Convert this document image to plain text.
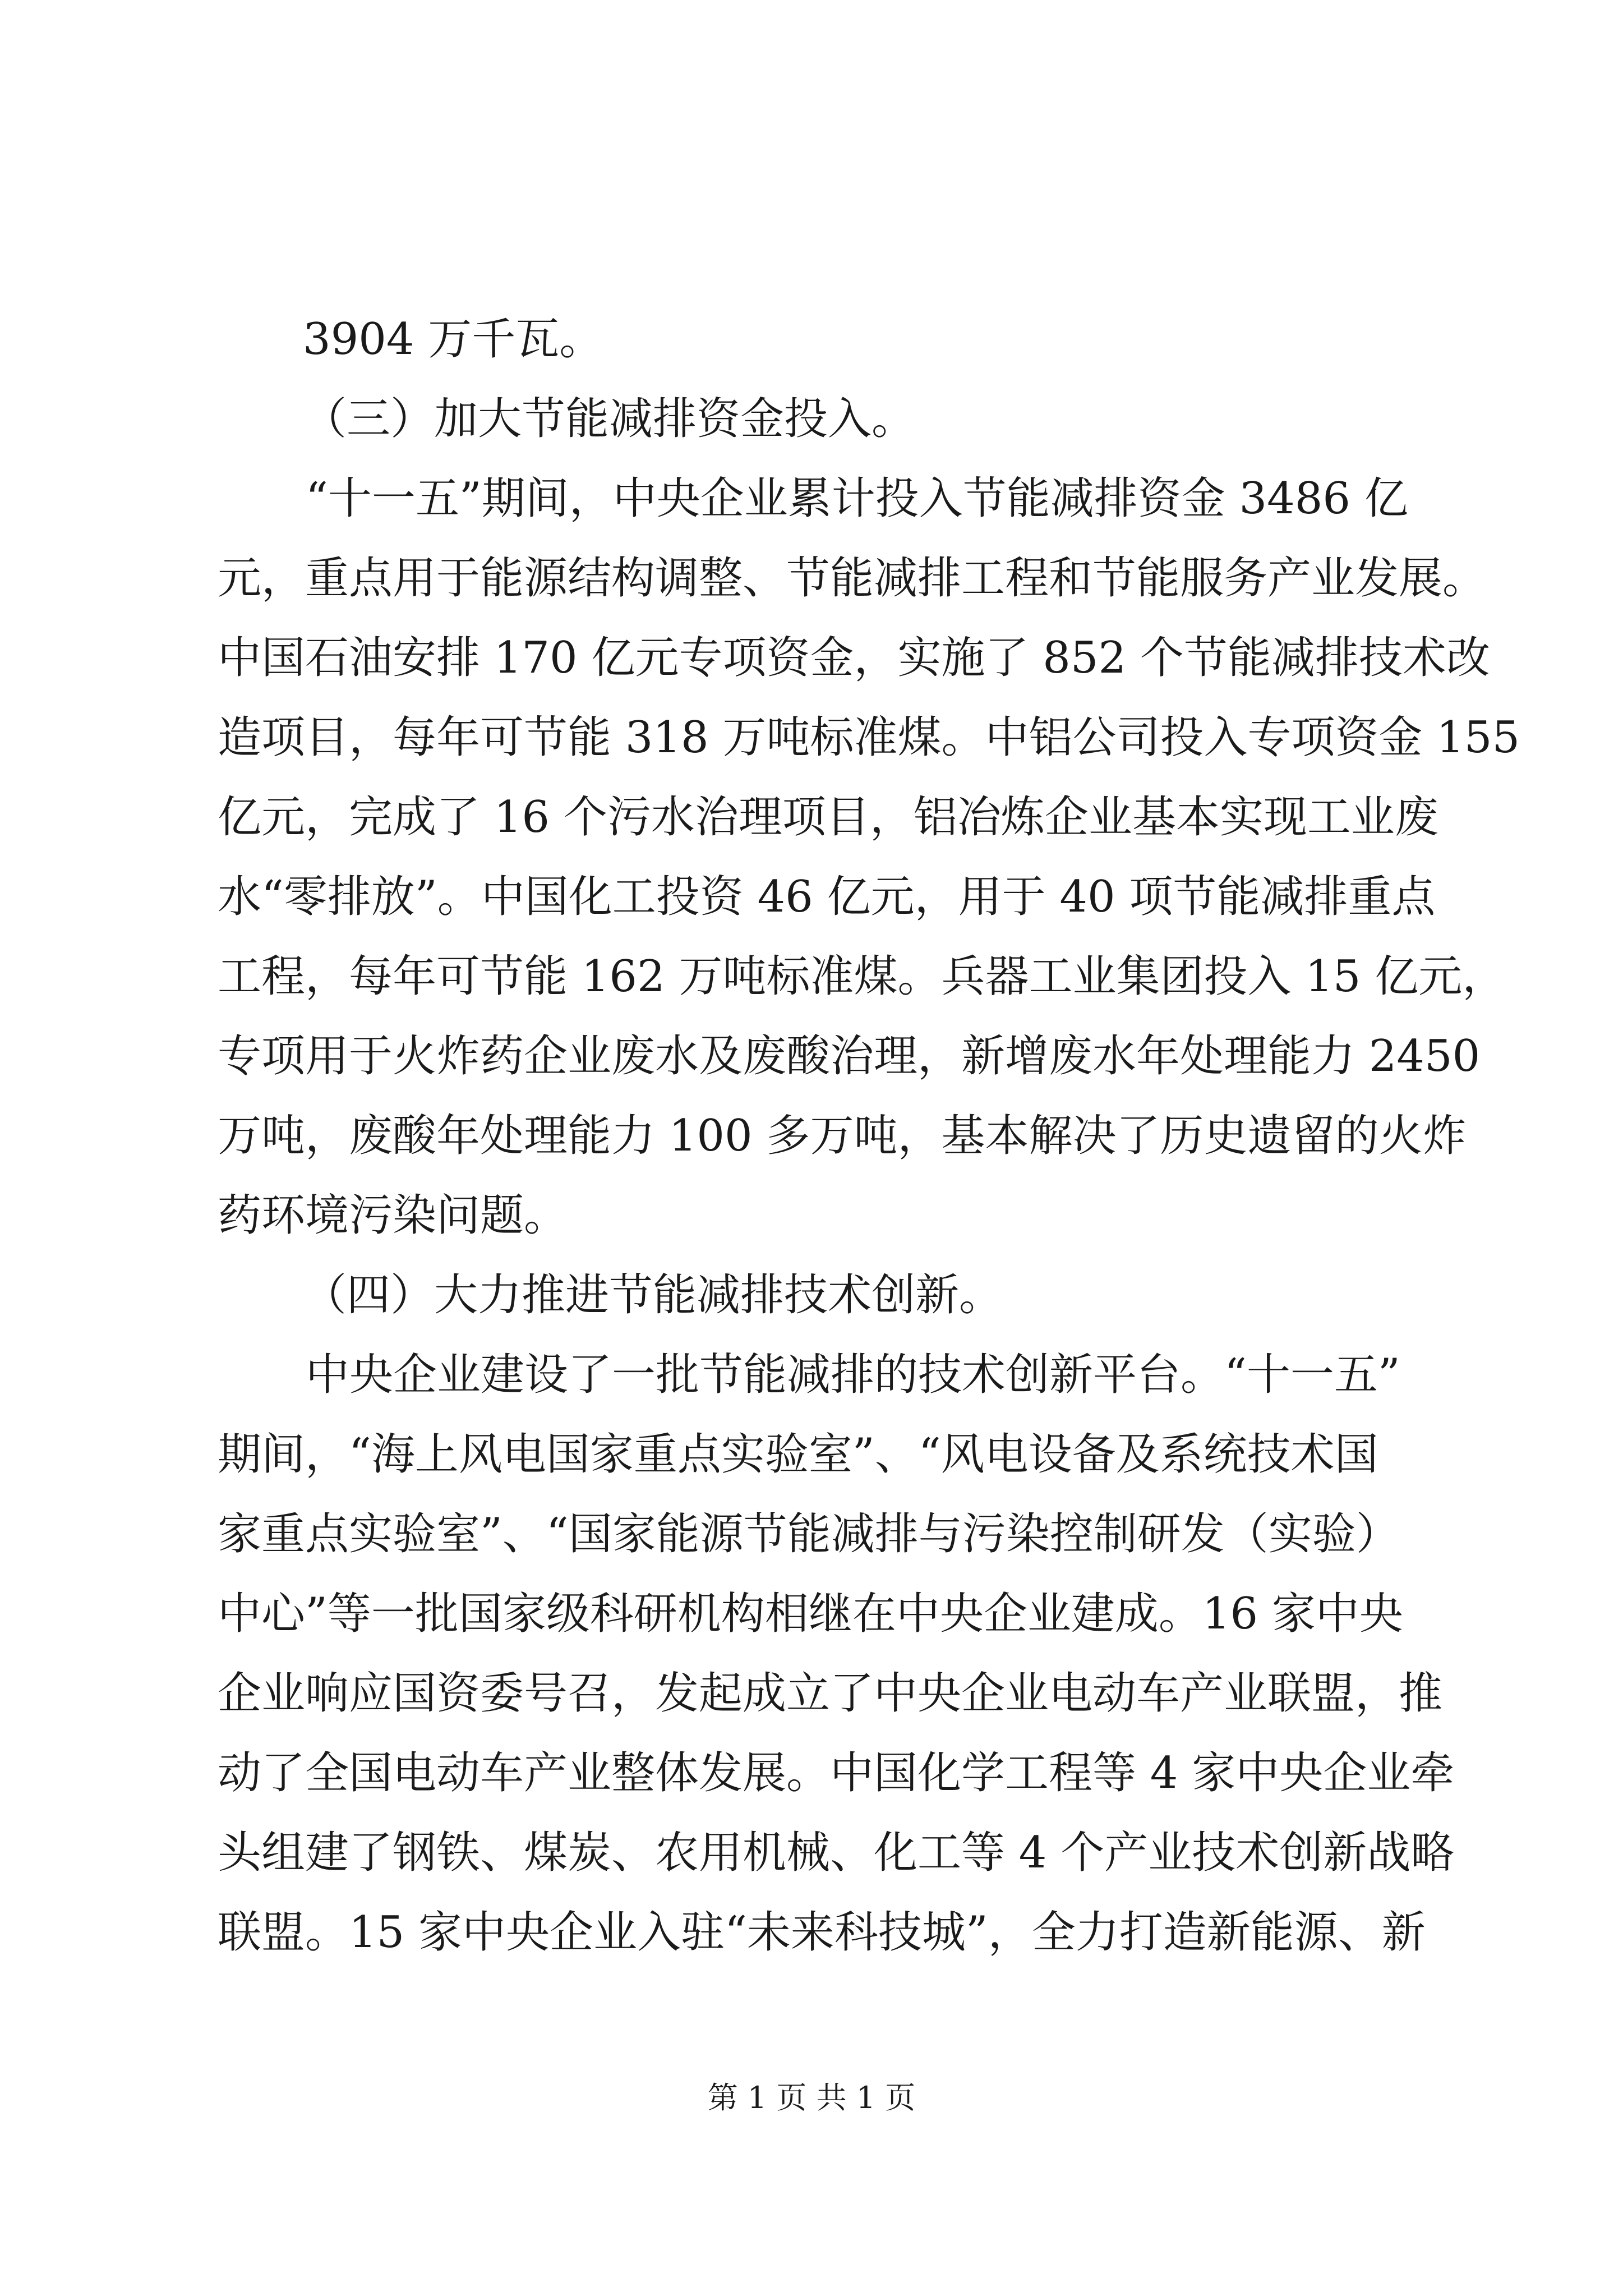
3904 万千瓦。
（三）加大节能减排资金投入。
“十一五”期间，中央企业累计投入节能减排资金 3486 亿
元，重点用于能源结构调整、节能减排工程和节能服务产业发展。
中国石油安排 170 亿元专项资金，实施了 852 个节能减排技术改
造项目，每年可节能 318 万吨标准煤。中铝公司投入专项资金 155
亿元，完成了 16 个污水治理项目，铝冶炼企业基本实现工业废
水“零排放”。中国化工投资 46 亿元，用于 40 项节能减排重点
工程，每年可节能 162 万吨标准煤。兵器工业集团投入 15 亿元，
专项用于火炸药企业废水及废酸治理，新增废水年处理能力 2450
万吨，废酸年处理能力 100 多万吨，基本解决了历史遗留的火炸
药环境污染问题。
（四）大力推进节能减排技术创新。
中央企业建设了一批节能减排的技术创新平台。“十一五”
期间，“海上风电国家重点实验室”、“风电设备及系统技术国
家重点实验室”、“国家能源节能减排与污染控制研发（实验）
中心”等一批国家级科研机构相继在中央企业建成。16 家中央
企业响应国资委号召，发起成立了中央企业电动车产业联盟，推
动了全国电动车产业整体发展。中国化学工程等 4 家中央企业牵
头组建了钢铁、煤炭、农用机械、化工等 4 个产业技术创新战略
联盟。15 家中央企业入驻“未来科技城”，全力打造新能源、新
第 1 页 共 1 页
